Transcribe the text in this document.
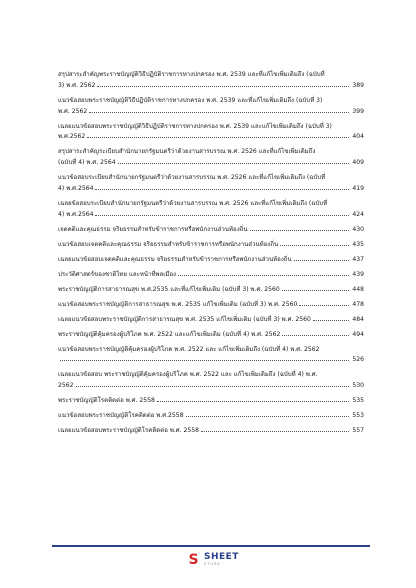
สรุปสาระสำคัญพระราชบัญญัติวิธีปฏิบัติราชการทางปกครอง พ.ศ. 2539 และที่แก้ไขเพิ่มเติมถึง (ฉบับที่
3) พ.ศ. 2562	389
แนวข้อสอบพระราชบัญญัติวิธีปฏิบัติราชการทางปกครอง พ.ศ. 2539 และที่แก้ไขเพิ่มเติมถึง (ฉบับที่ 3)
พ.ศ. 2562	399
เฉลยแนวข้อสอบพระราชบัญญัติวิธีปฏิบัติราชการทางปกครอง พ.ศ. 2539 และแก้ไขเพิ่มเติมถึง (ฉบับที่ 3)
พ.ศ.2562	404
สรุปสาระสำคัญระเบียบสำนักนายกรัฐมนตรีว่าด้วยงานสารบรรณ พ.ศ. 2526 และที่แก้ไขเพิ่มเติมถึง
(ฉบับที่ 4) พ.ศ. 2564	409
แนวข้อสอบระเบียบสำนักนายกรัฐมนตรีว่าด้วยงานสารบรรณ พ.ศ. 2526 และที่แก้ไขเพิ่มเติมถึง (ฉบับที่
4) พ.ศ.2564	419
เฉลยข้อสอบระเบียบสำนักนายกรัฐมนตรีว่าด้วยงานสารบรรณ พ.ศ. 2526 และที่แก้ไขเพิ่มเติมถึง (ฉบับที่
4) พ.ศ.2564	424
เจตคติและคุณธรรม จริยธรรมสำหรับข้าราชการหรือพนักงานส่วนท้องถิ่น	430
แนวข้อสอบเจตคติและคุณธรรม จริยธรรมสำหรับข้าราชการหรือพนักงานส่วนท้องถิ่น	435
เฉลยแนวข้อสอบเจตคติและคุณธรรม จริยธรรมสำหรับข้าราชการหรือพนักงานส่วนท้องถิ่น	437
ประวัติศาสตร์ของชาติไทย และหน้าที่พลเมือง	439
พระราชบัญญัติการสาธารณสุข พ.ศ.2535 และที่แก้ไขเพิ่มเติม (ฉบับที่ 3) พ.ศ. 2560	448
แนวข้อสอบพระราชบัญญัติการสาธารณสุข พ.ศ. 2535 แก้ไขเพิ่มเติม (ฉบับที่ 3) พ.ศ. 2560	478
เฉลยแนวข้อสอบพระราชบัญญัติการสาธารณสุข พ.ศ. 2535 แก้ไขเพิ่มเติม (ฉบับที่ 3) พ.ศ. 2560	484
พระราชบัญญัติคุ้มครองผู้บริโภค พ.ศ. 2522 และแก้ไขเพิ่มเติม (ฉบับที่ 4) พ.ศ. 2562	494
แนวข้อสอบพระราชบัญญัติคุ้มครองผู้บริโภค พ.ศ. 2522 และ แก้ไขเพิ่มเติมถึง (ฉบับที่ 4) พ.ศ. 2562
526
เฉลยแนวข้อสอบ พระราชบัญญัติคุ้มครองผู้บริโภค พ.ศ. 2522 และ แก้ไขเพิ่มเติมถึง (ฉบับที่ 4) พ.ศ.
2562	530
พระราชบัญญัติโรคติดต่อ พ.ศ. 2558	535
แนวข้อสอบพระราชบัญญัติโรคติดต่อ พ.ศ.2558	553
เฉลยแนวข้อสอบพระราชบัญญัติโรคติดต่อ พ.ศ. 2558	557
S SHEET
STORE
